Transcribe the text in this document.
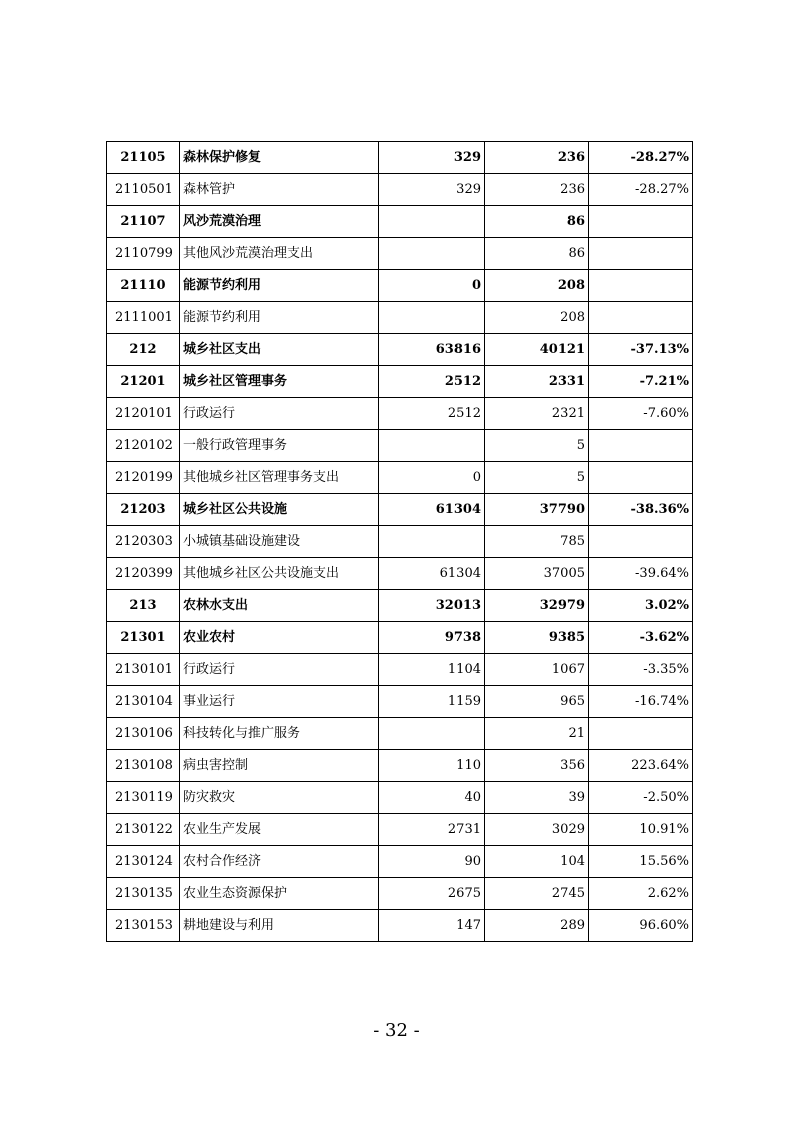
21105	森林保护修复	329	236	-28.27%
2110501	森林管护	329	236	-28.27%
21107	风沙荒漠治理		86	
2110799	其他风沙荒漠治理支出		86	
21110	能源节约利用	0	208	
2111001	能源节约利用		208	
212	城乡社区支出	63816	40121	-37.13%
21201	城乡社区管理事务	2512	2331	-7.21%
2120101	行政运行	2512	2321	-7.60%
2120102	一般行政管理事务		5	
2120199	其他城乡社区管理事务支出	0	5	
21203	城乡社区公共设施	61304	37790	-38.36%
2120303	小城镇基础设施建设		785	
2120399	其他城乡社区公共设施支出	61304	37005	-39.64%
213	农林水支出	32013	32979	3.02%
21301	农业农村	9738	9385	-3.62%
2130101	行政运行	1104	1067	-3.35%
2130104	事业运行	1159	965	-16.74%
2130106	科技转化与推广服务		21	
2130108	病虫害控制	110	356	223.64%
2130119	防灾救灾	40	39	-2.50%
2130122	农业生产发展	2731	3029	10.91%
2130124	农村合作经济	90	104	15.56%
2130135	农业生态资源保护	2675	2745	2.62%
2130153	耕地建设与利用	147	289	96.60%
- 32 -
